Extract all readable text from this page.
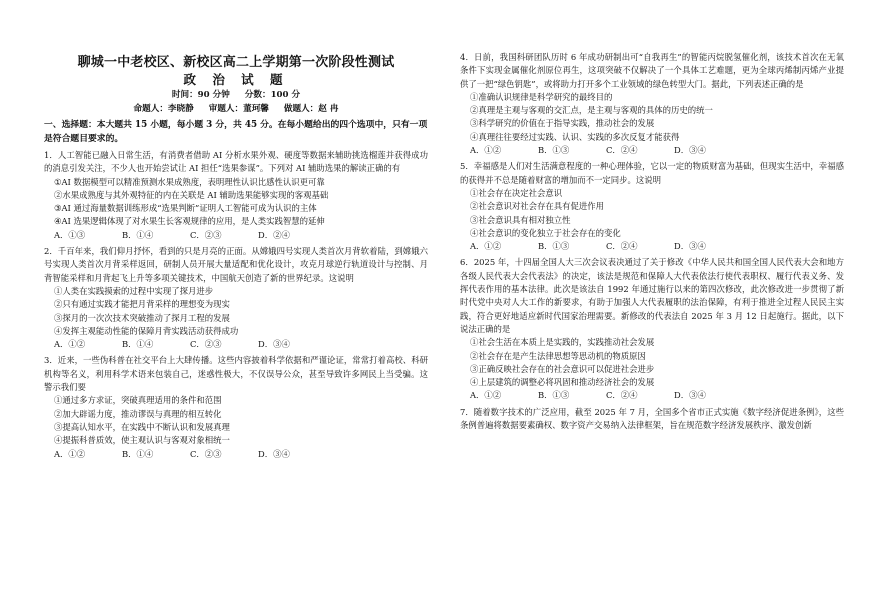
聊城一中老校区、新校区高二上学期第一次阶段性测试
政 治 试 题
时间：90 分钟 分数：100 分
命题人：李晓静 审题人：董珂馨 做题人：赵 冉
一、选择题：本大题共 15 小题，每小题 3 分，共 45 分。在每小题给出的四个选项中，只有一项是符合题目要求的。
1．人工智能已融入日常生活，有消费者借助 AI 分析水果外观、硬度等数据来辅助挑选榴莲并获得成功的消息引发关注，不少人也开始尝试让 AI 担任“选果参谋”。下列对 AI 辅助选果的解读正确的有
①AI 数据模型可以精准预测水果成熟度，表明理性认识比感性认识更可靠
②水果成熟度与其外观特征的内在关联是 AI 辅助选果能够实现的客观基础
③AI 通过海量数据训练形成“选果判断”证明人工智能可成为认识的主体
④AI 选果逻辑体现了对水果生长客观规律的应用，是人类实践智慧的延伸
A．①③	B．①④	C．②③	D．②④
2．千百年来，我们仰月抒怀，看到的只是月亮的正面。从嫦娥四号实现人类首次月背软着陆，到嫦娥六号实现人类首次月背采样返回，研制人员开展大量适配和优化设计，攻克月球逆行轨道设计与控制、月背智能采样和月背起飞上升等多项关键技术，中国航天创造了新的世界纪录。这说明
①人类在实践摸索的过程中实现了探月进步
②只有通过实践才能把月背采样的理想变为现实
③探月的一次次技术突破推动了探月工程的发展
④发挥主观能动性能的保障月背实践活动获得成功
A．①②	B．①④	C．②③	D．③④
3．近来，一些伪科普在社交平台上大肆传播。这些内容披着科学依据和严谨论证，常常打着高校、科研机构等名义，利用科学术语来包装自己，迷惑性极大，不仅误导公众，甚至导致许多网民上当受骗。这警示我们要
①通过多方求证，突破真理适用的条件和范围
②加大辟谣力度，推动谬误与真理的相互转化
③提高认知水平，在实践中不断认识和发展真理
④提振科普质效，使主观认识与客观对象相统一
A．①②	B．①④	C．②③	D．③④
4．日前，我国科研团队历时 6 年成功研制出可“自我再生”的智能丙烷脱氢催化剂，该技术首次在无氧条件下实现金属催化剂原位再生，这项突破不仅解决了一个具体工艺难题，更为全球丙烯制丙烯产业提供了一把“绿色钥匙”，或将助力打开多个工业领域的绿色转型大门。据此，下列表述正确的是
①准确认识规律是科学研究的最终目的
②真理是主观与客观的交汇点，是主观与客观的具体的历史的统一
③科学研究的价值在于指导实践，推动社会的发展
④真理往往要经过实践、认识、实践的多次反复才能获得
A．①②	B．①③	C．②④	D．③④
5．幸福感是人们对生活满意程度的一种心理体验，它以一定的物质财富为基础，但现实生活中，幸福感的获得并不总是随着财富的增加而不一定同步。这说明
①社会存在决定社会意识
②社会意识对社会存在具有促进作用
③社会意识具有相对独立性
④社会意识的变化独立于社会存在的变化
A．①②	B．①③	C．②④	D．③④
6．2025 年，十四届全国人大三次会议表决通过了关于修改《中华人民共和国全国人民代表大会和地方各级人民代表大会代表法》的决定，该法是规范和保障人大代表依法行使代表职权、履行代表义务、发挥代表作用的基本法律。此次是该法自 1992 年通过施行以来的第四次修改，此次修改进一步贯彻了新时代党中央对人大工作的新要求，有助于加强人大代表履职的法治保障，有利于推进全过程人民民主实践，符合更好地适应新时代国家治理需要。新修改的代表法自 2025 年 3 月 12 日起施行。据此，以下说法正确的是
①社会生活在本质上是实践的，实践推动社会发展
②社会存在是产生法律思想等思动机的物质原因
③正确反映社会存在的社会意识可以促进社会进步
④上层建筑的调整必将巩固和推动经济社会的发展
A．①②	B．①③	C．②④	D．③④
7．随着数字技术的广泛应用，截至 2025 年 7 月，全国多个省市正式实施《数字经济促进条例》，这些条例普遍将数据要素确权、数字资产交易纳入法律框架，旨在规范数字经济发展秩序、激发创新
